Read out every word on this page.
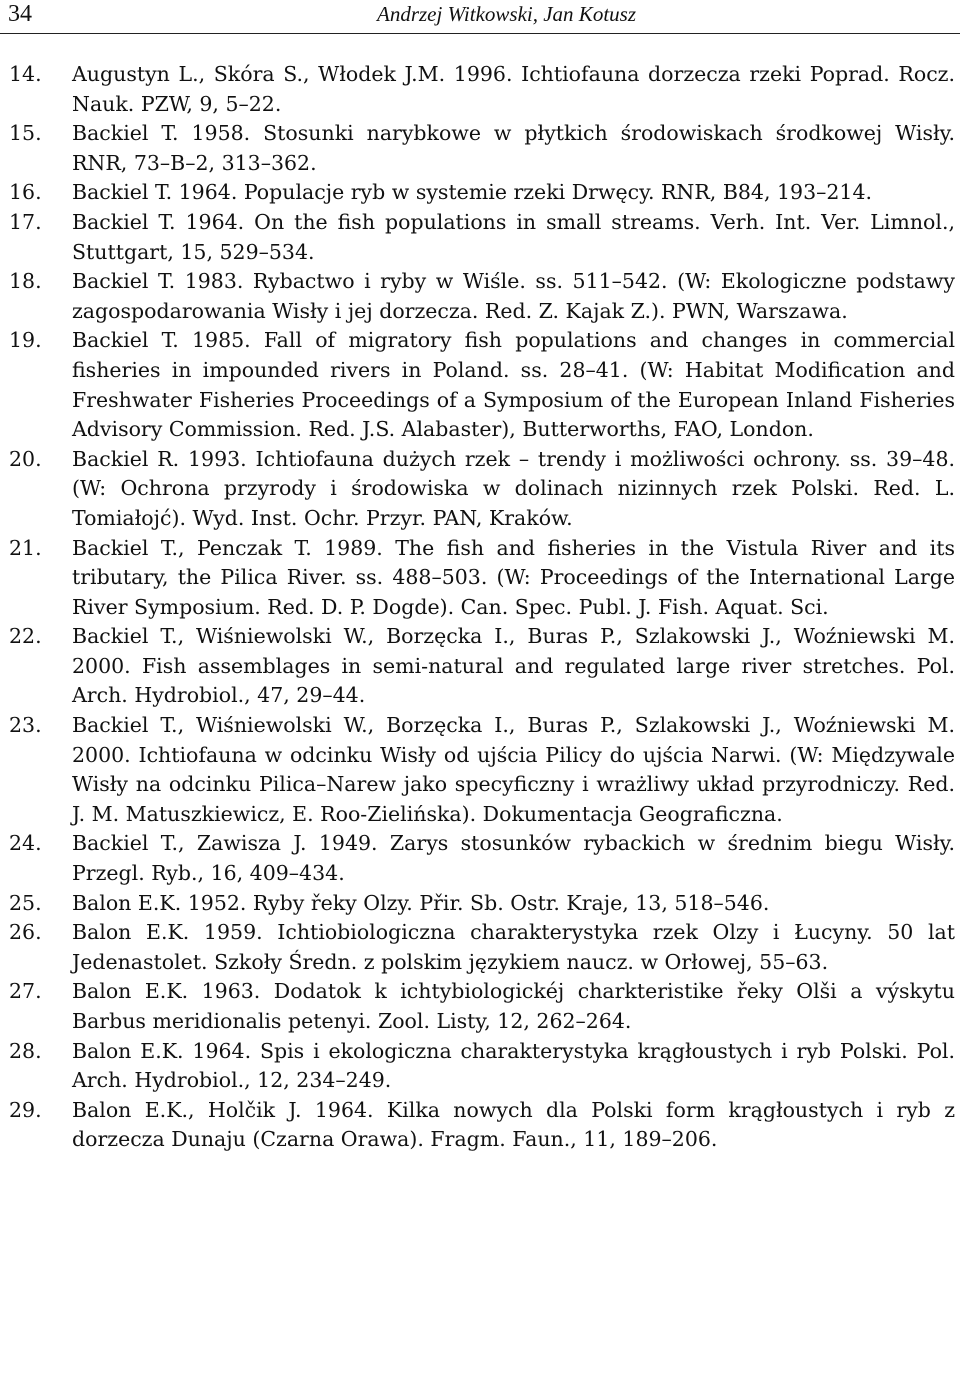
34	Andrzej Witkowski, Jan Kotusz
14.	Augustyn L., Skóra S., Włodek J.M. 1996. Ichtiofauna dorzecza rzeki Poprad. Rocz. Nauk. PZW, 9, 5–22.
15.	Backiel T. 1958. Stosunki narybkowe w płytkich środowiskach środkowej Wisły. RNR, 73–B–2, 313–362.
16.	Backiel T. 1964. Populacje ryb w systemie rzeki Drwęcy. RNR, B84, 193–214.
17.	Backiel T. 1964. On the fish populations in small streams. Verh. Int. Ver. Limnol., Stuttgart, 15, 529–534.
18.	Backiel T. 1983. Rybactwo i ryby w Wiśle. ss. 511–542. (W: Ekologiczne podstawy zagospodarowania Wisły i jej dorzecza. Red. Z. Kajak Z.). PWN, Warszawa.
19.	Backiel T. 1985. Fall of migratory fish populations and changes in commercial fisheries in impounded rivers in Poland. ss. 28–41. (W: Habitat Modification and Freshwater Fisheries Proceedings of a Symposium of the European Inland Fisheries Advisory Commission. Red. J.S. Alabaster), Butterworths, FAO, London.
20.	Backiel R. 1993. Ichtiofauna dużych rzek – trendy i możliwości ochrony. ss. 39–48. (W: Ochrona przyrody i środowiska w dolinach nizinnych rzek Polski. Red. L. Tomiałojć). Wyd. Inst. Ochr. Przyr. PAN, Kraków.
21.	Backiel T., Penczak T. 1989. The fish and fisheries in the Vistula River and its tributary, the Pilica River. ss. 488–503. (W: Proceedings of the International Large River Symposium. Red. D. P. Dogde). Can. Spec. Publ. J. Fish. Aquat. Sci.
22.	Backiel T., Wiśniewolski W., Borzęcka I., Buras P., Szlakowski J., Woźniewski M. 2000. Fish assemblages in semi-natural and regulated large river stretches. Pol. Arch. Hydrobiol., 47, 29–44.
23.	Backiel T., Wiśniewolski W., Borzęcka I., Buras P., Szlakowski J., Woźniewski M. 2000. Ichtiofauna w odcinku Wisły od ujścia Pilicy do ujścia Narwi. (W: Międzywale Wisły na odcinku Pilica–Narew jako specyficzny i wrażliwy układ przyrodniczy. Red. J. M. Matuszkiewicz, E. Roo-Zielińska). Dokumentacja Geograficzna.
24.	Backiel T., Zawisza J. 1949. Zarys stosunków rybackich w średnim biegu Wisły. Przegl. Ryb., 16, 409–434.
25.	Balon E.K. 1952. Ryby řeky Olzy. Přir. Sb. Ostr. Kraje, 13, 518–546.
26.	Balon E.K. 1959. Ichtiobiologiczna charakterystyka rzek Olzy i Łucyny. 50 lat Jedenastolet. Szkoły Średn. z polskim językiem naucz. w Orłowej, 55–63.
27.	Balon E.K. 1963. Dodatok k ichtybiologickéj charkteristike řeky Olši a výskytu Barbus meridionalis petenyi. Zool. Listy, 12, 262–264.
28.	Balon E.K. 1964. Spis i ekologiczna charakterystyka krągłoustych i ryb Polski. Pol. Arch. Hydrobiol., 12, 234–249.
29.	Balon E.K., Holčik J. 1964. Kilka nowych dla Polski form krągłoustych i ryb z dorzecza Dunaju (Czarna Orawa). Fragm. Faun., 11, 189–206.
